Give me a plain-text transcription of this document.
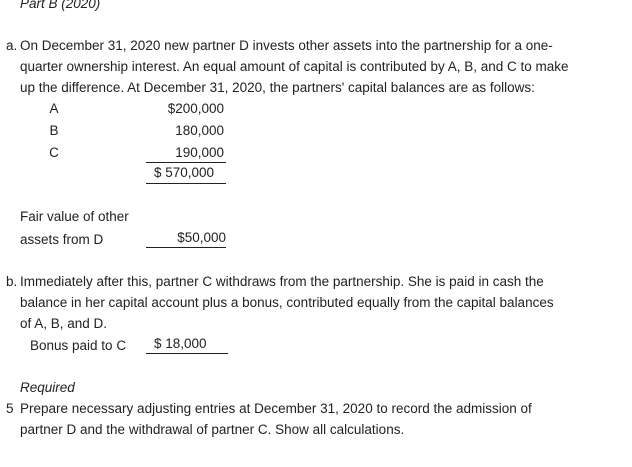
Part B (2020)
a. On December 31, 2020 new partner D invests other assets into the partnership for a one-
quarter ownership interest. An equal amount of capital is contributed by A, B, and C to make
up the difference. At December 31, 2020, the partners' capital balances are as follows:
A	$200,000
B	180,000
C	190,000
$ 570,000
Fair value of other
assets from D	$50,000
b. Immediately after this, partner C withdraws from the partnership. She is paid in cash the
balance in her capital account plus a bonus, contributed equally from the capital balances
of A, B, and D.
Bonus paid to C	$ 18,000
Required
5 Prepare necessary adjusting entries at December 31, 2020 to record the admission of
partner D and the withdrawal of partner C. Show all calculations.
